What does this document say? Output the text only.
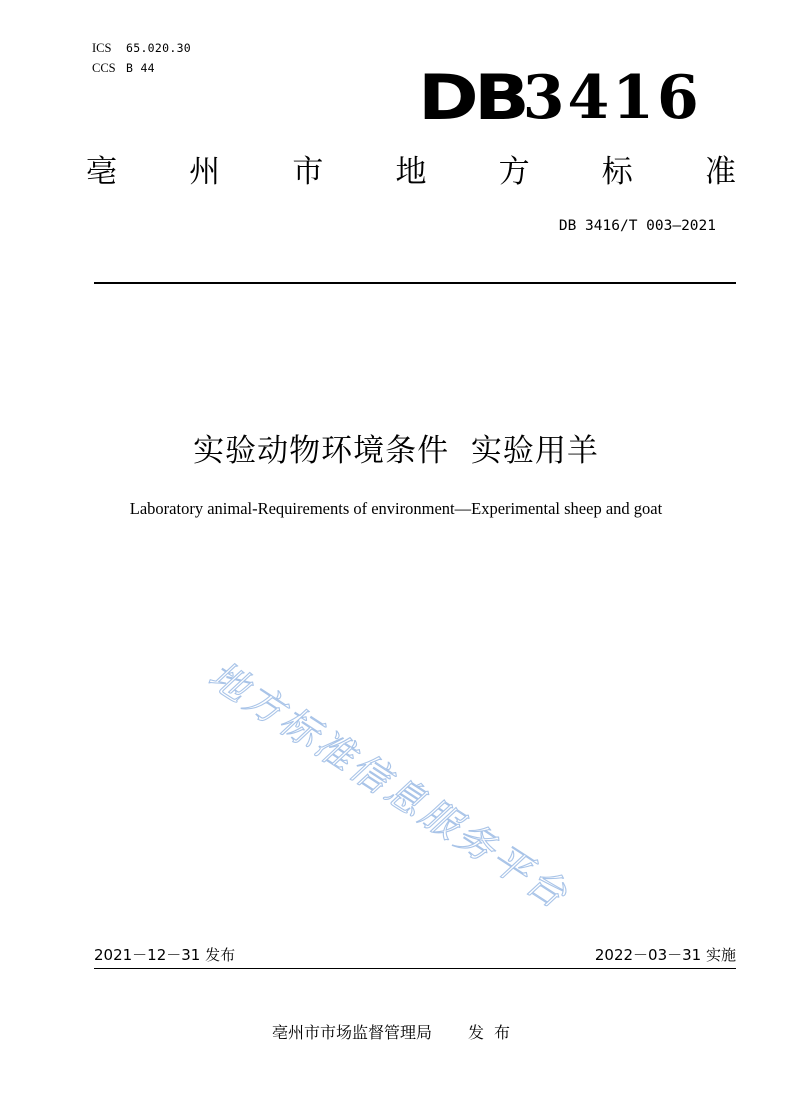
ICS	65.020.30
CCS B 44	DB
3416
亳 州 市 地 方 标 准
DB 3416/T 003—2021
实验动物环境条件  实验用羊
Laboratory animal-Requirements of environment—Experimental sheep and goat
地方标准信息服务平台
2021－12－31 发布	2022－03－31 实施
亳州市市场监督管理局 发布
